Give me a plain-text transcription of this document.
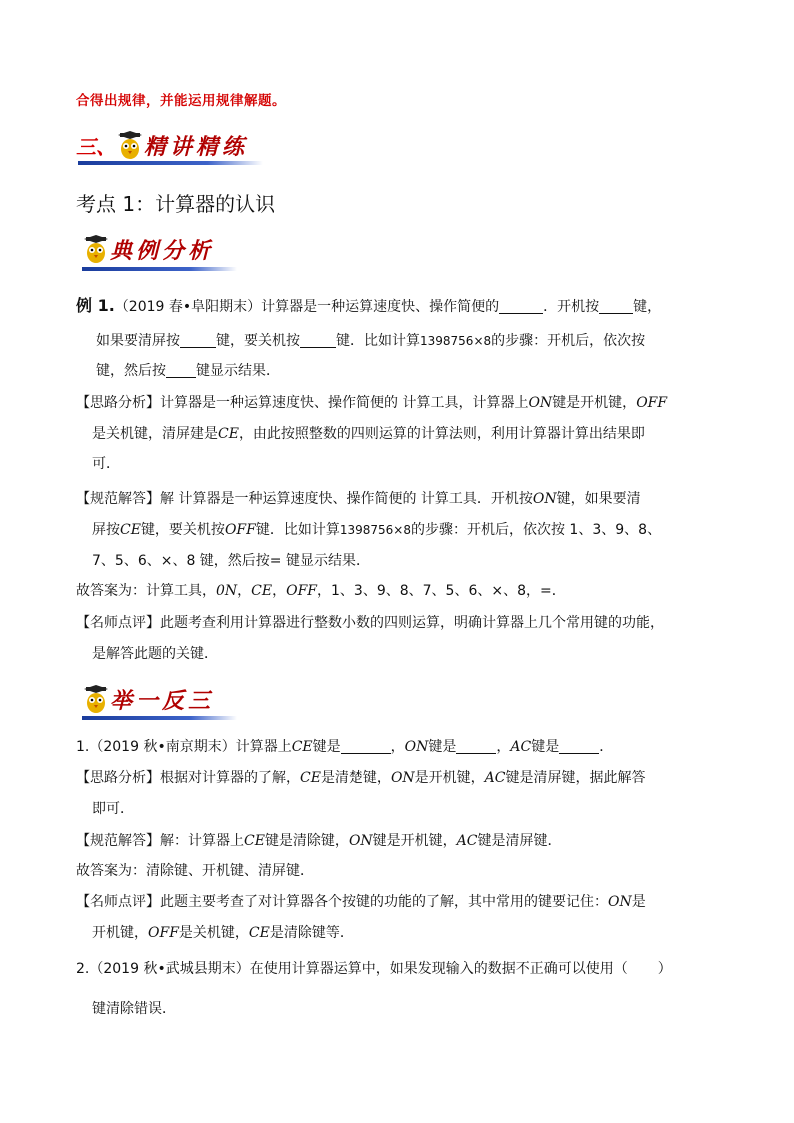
合得出规律，并能运用规律解题。
三、 精讲精练
考点 1：计算器的认识
典例分析
例 1.（2019 春•阜阳期末）计算器是一种运算速度快、操作简便的	．开机按 键，
如果要清屏按	键，要关机按	键．比如计算1398756×8的步骤：开机后，依次按
键，然后按 键显示结果．
【思路分析】计算器是一种运算速度快、操作简便的 计算工具，计算器上ON键是开机键，OFF
是关机键，清屏建是CE，由此按照整数的四则运算的计算法则，利用计算器计算出结果即
可．
【规范解答】解 计算器是一种运算速度快、操作简便的 计算工具．开机按ON键，如果要清
屏按CE键，要关机按OFF键．比如计算1398756×8的步骤：开机后，依次按 1、3、9、8、
7、5、6、×、8 键，然后按= 键显示结果．
故答案为：计算工具，0N，CE，OFF，1、3、9、8、7、5、6、×、8，=．
【名师点评】此题考查利用计算器进行整数小数的四则运算，明确计算器上几个常用键的功能，
是解答此题的关键．
举一反三
1.（2019 秋•南京期末）计算器上CE键是	，ON键是	，AC键是	．
【思路分析】根据对计算器的了解，CE是清楚键，ON是开机键，AC键是清屏键，据此解答
即可．
【规范解答】解：计算器上CE键是清除键，ON键是开机键，AC键是清屏键．
故答案为：清除键、开机键、清屏键．
【名师点评】此题主要考查了对计算器各个按键的功能的了解，其中常用的键要记住：ON是
开机键，OFF是关机键，CE是清除键等．
2.（2019 秋•武城县期末）在使用计算器运算中，如果发现输入的数据不正确可以使用（ ）
键清除错误．
